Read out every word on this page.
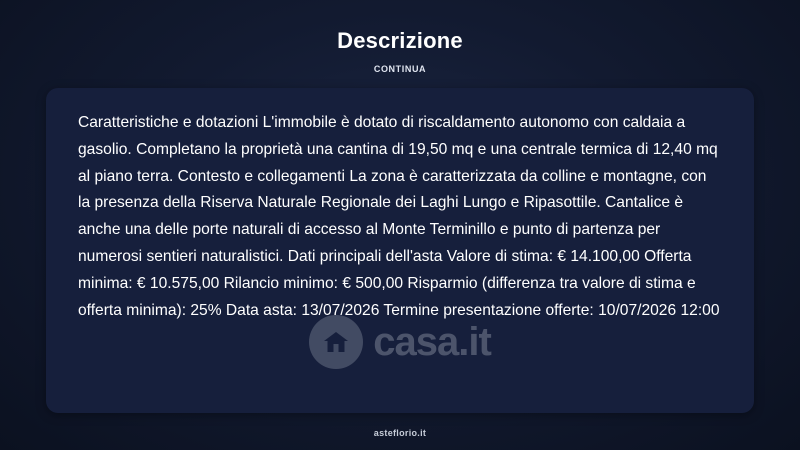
Descrizione
CONTINUA
Caratteristiche e dotazioni L'immobile è dotato di riscaldamento autonomo con caldaia a gasolio. Completano la proprietà una cantina di 19,50 mq e una centrale termica di 12,40 mq al piano terra. Contesto e collegamenti La zona è caratterizzata da colline e montagne, con la presenza della Riserva Naturale Regionale dei Laghi Lungo e Ripasottile. Cantalice è anche una delle porte naturali di accesso al Monte Terminillo e punto di partenza per numerosi sentieri naturalistici. Dati principali dell'asta Valore di stima: € 14.100,00 Offerta minima: € 10.575,00 Rilancio minimo: € 500,00 Risparmio (differenza tra valore di stima e offerta minima): 25% Data asta: 13/07/2026 Termine presentazione offerte: 10/07/2026 12:00
casa.it
asteflorio.it
